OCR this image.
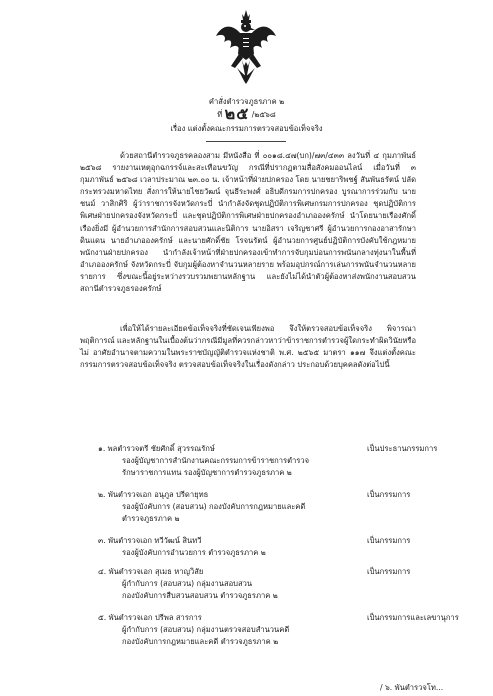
คำสั่งตำรวจภูธรภาค ๒
ที่ ๒๕ /๒๕๖๘
เรื่อง แต่งตั้งคณะกรรมการตรวจสอบข้อเท็จจริง
ด้วยสถานีตำรวจภูธรคลองสาม มีหนังสือ ที่ ๐๐๑๘.๔๗(บก)/๗๓/๔๓๓ ลงวันที่ ๔ กุมภาพันธ์ ๒๕๖๘ รายงานเหตุอุกฉกรรจ์และสะเทือนขวัญ กรณีที่ปรากฏตามสื่อสังคมออนไลน์ เมื่อวันที่ ๓ กุมภาพันธ์ ๒๕๖๘ เวลาประมาณ ๒๓.๐๐ น. เจ้าหน้าที่ฝ่ายปกครอง โดย นายชยาริพชฐ์ สันพันธรัตน์ ปลัดกระทรวงมหาดไทย สั่งการให้นายไชยวัฒน์ จุนธีระพงศ์ อธิบดีกรมการปกครอง บูรณาการร่วมกับ นายชนม์ วาสิกศิริ ผู้ว่าราชการจังหวัดกระบี่ นำกำลังจัดชุดปฏิบัติการพิเศษกรมการปกครอง ชุดปฏิบัติการพิเศษฝ่ายปกครองจังหวัดกระบี่ และชุดปฏิบัติการพิเศษฝ่ายปกครองอำเภอองครักษ์ นำโดยนายเรืองศักดิ์ เรืองยิ่งมี ผู้อำนวยการสำนักการสอบสวนและนิติการ นายอิสรา เจริญชาศรี ผู้อำนวยการกองอาสารักษาดินแดน นายอำเภอองครักษ์ และนายศักดิ์ชัย โรจนรัตน์ ผู้อำนวยการศูนย์ปฏิบัติการบังคับใช้กฎหมายพนักงานฝ่ายปกครอง นำกำลังเจ้าหน้าที่ฝ่ายปกครองเข้าทำการจับกุมบ่อนการพนันกลางทุ่งนาในพื้นที่อำเภอองครักษ์ จังหวัดกระบี่ จับกุมผู้ต้องหาจำนวนหลายราย พร้อมอุปกรณ์การเล่นการพนันจำนวนหลายรายการ ซึ่งขณะนี้อยู่ระหว่างรวบรวมพยานหลักฐาน และยังไม่ได้นำตัวผู้ต้องหาส่งพนักงานสอบสวนสถานีตำรวจภูธรองครักษ์
เพื่อให้ได้รายละเอียดข้อเท็จจริงที่ชัดเจนเพียงพอ จึงให้ตรวจสอบข้อเท็จจริง พิจารณาพฤติการณ์ และหลักฐานในเบื้องต้นว่ากรณีมีมูลที่ควรกล่าวหาว่าข้าราชการตำรวจผู้ใดกระทำผิดวินัยหรือไม่ อาศัยอำนาจตามความในพระราชบัญญัติตำรวจแห่งชาติ พ.ศ. ๒๕๖๕ มาตรา ๑๑๗ จึงแต่งตั้งคณะกรรมการตรวจสอบข้อเท็จจริง ตรวจสอบข้อเท็จจริงในเรื่องดังกล่าว ประกอบด้วยบุคคลดังต่อไปนี้
๑. พลตำรวจตรี ชัยศักดิ์ สุวรรณรักษ์
รองผู้บัญชาการสำนักงานคณะกรรมการข้าราชการตำรวจ
รักษาราชการแทน รองผู้บัญชาการตำรวจภูธรภาค ๒
เป็นประธานกรรมการ
๒. พันตำรวจเอก อนุภูล ปรีดายุทธ
รองผู้บังคับการ (สอบสวน) กองบังคับการกฎหมายและคดี
ตำรวจภูธรภาค ๒
เป็นกรรมการ
๓. พันตำรวจเอก ทวีวัฒน์ สินทวี
รองผู้บังคับการอำนวยการ ตำรวจภูธรภาค ๒
เป็นกรรมการ
๔. พันตำรวจเอก สุเมธ หาญวิสัย
ผู้กำกับการ (สอบสวน) กลุ่มงานสอบสวน
กองบังคับการสืบสวนสอบสวน ตำรวจภูธรภาค ๒
เป็นกรรมการ
๕. พันตำรวจเอก ปรีพล สารการ
ผู้กำกับการ (สอบสวน) กลุ่มงานตรวจสอบสำนวนคดี
กองบังคับการกฎหมายและคดี ตำรวจภูธรภาค ๒
เป็นกรรมการและเลขานุการ
/ ๖. พันตำรวจโท...
